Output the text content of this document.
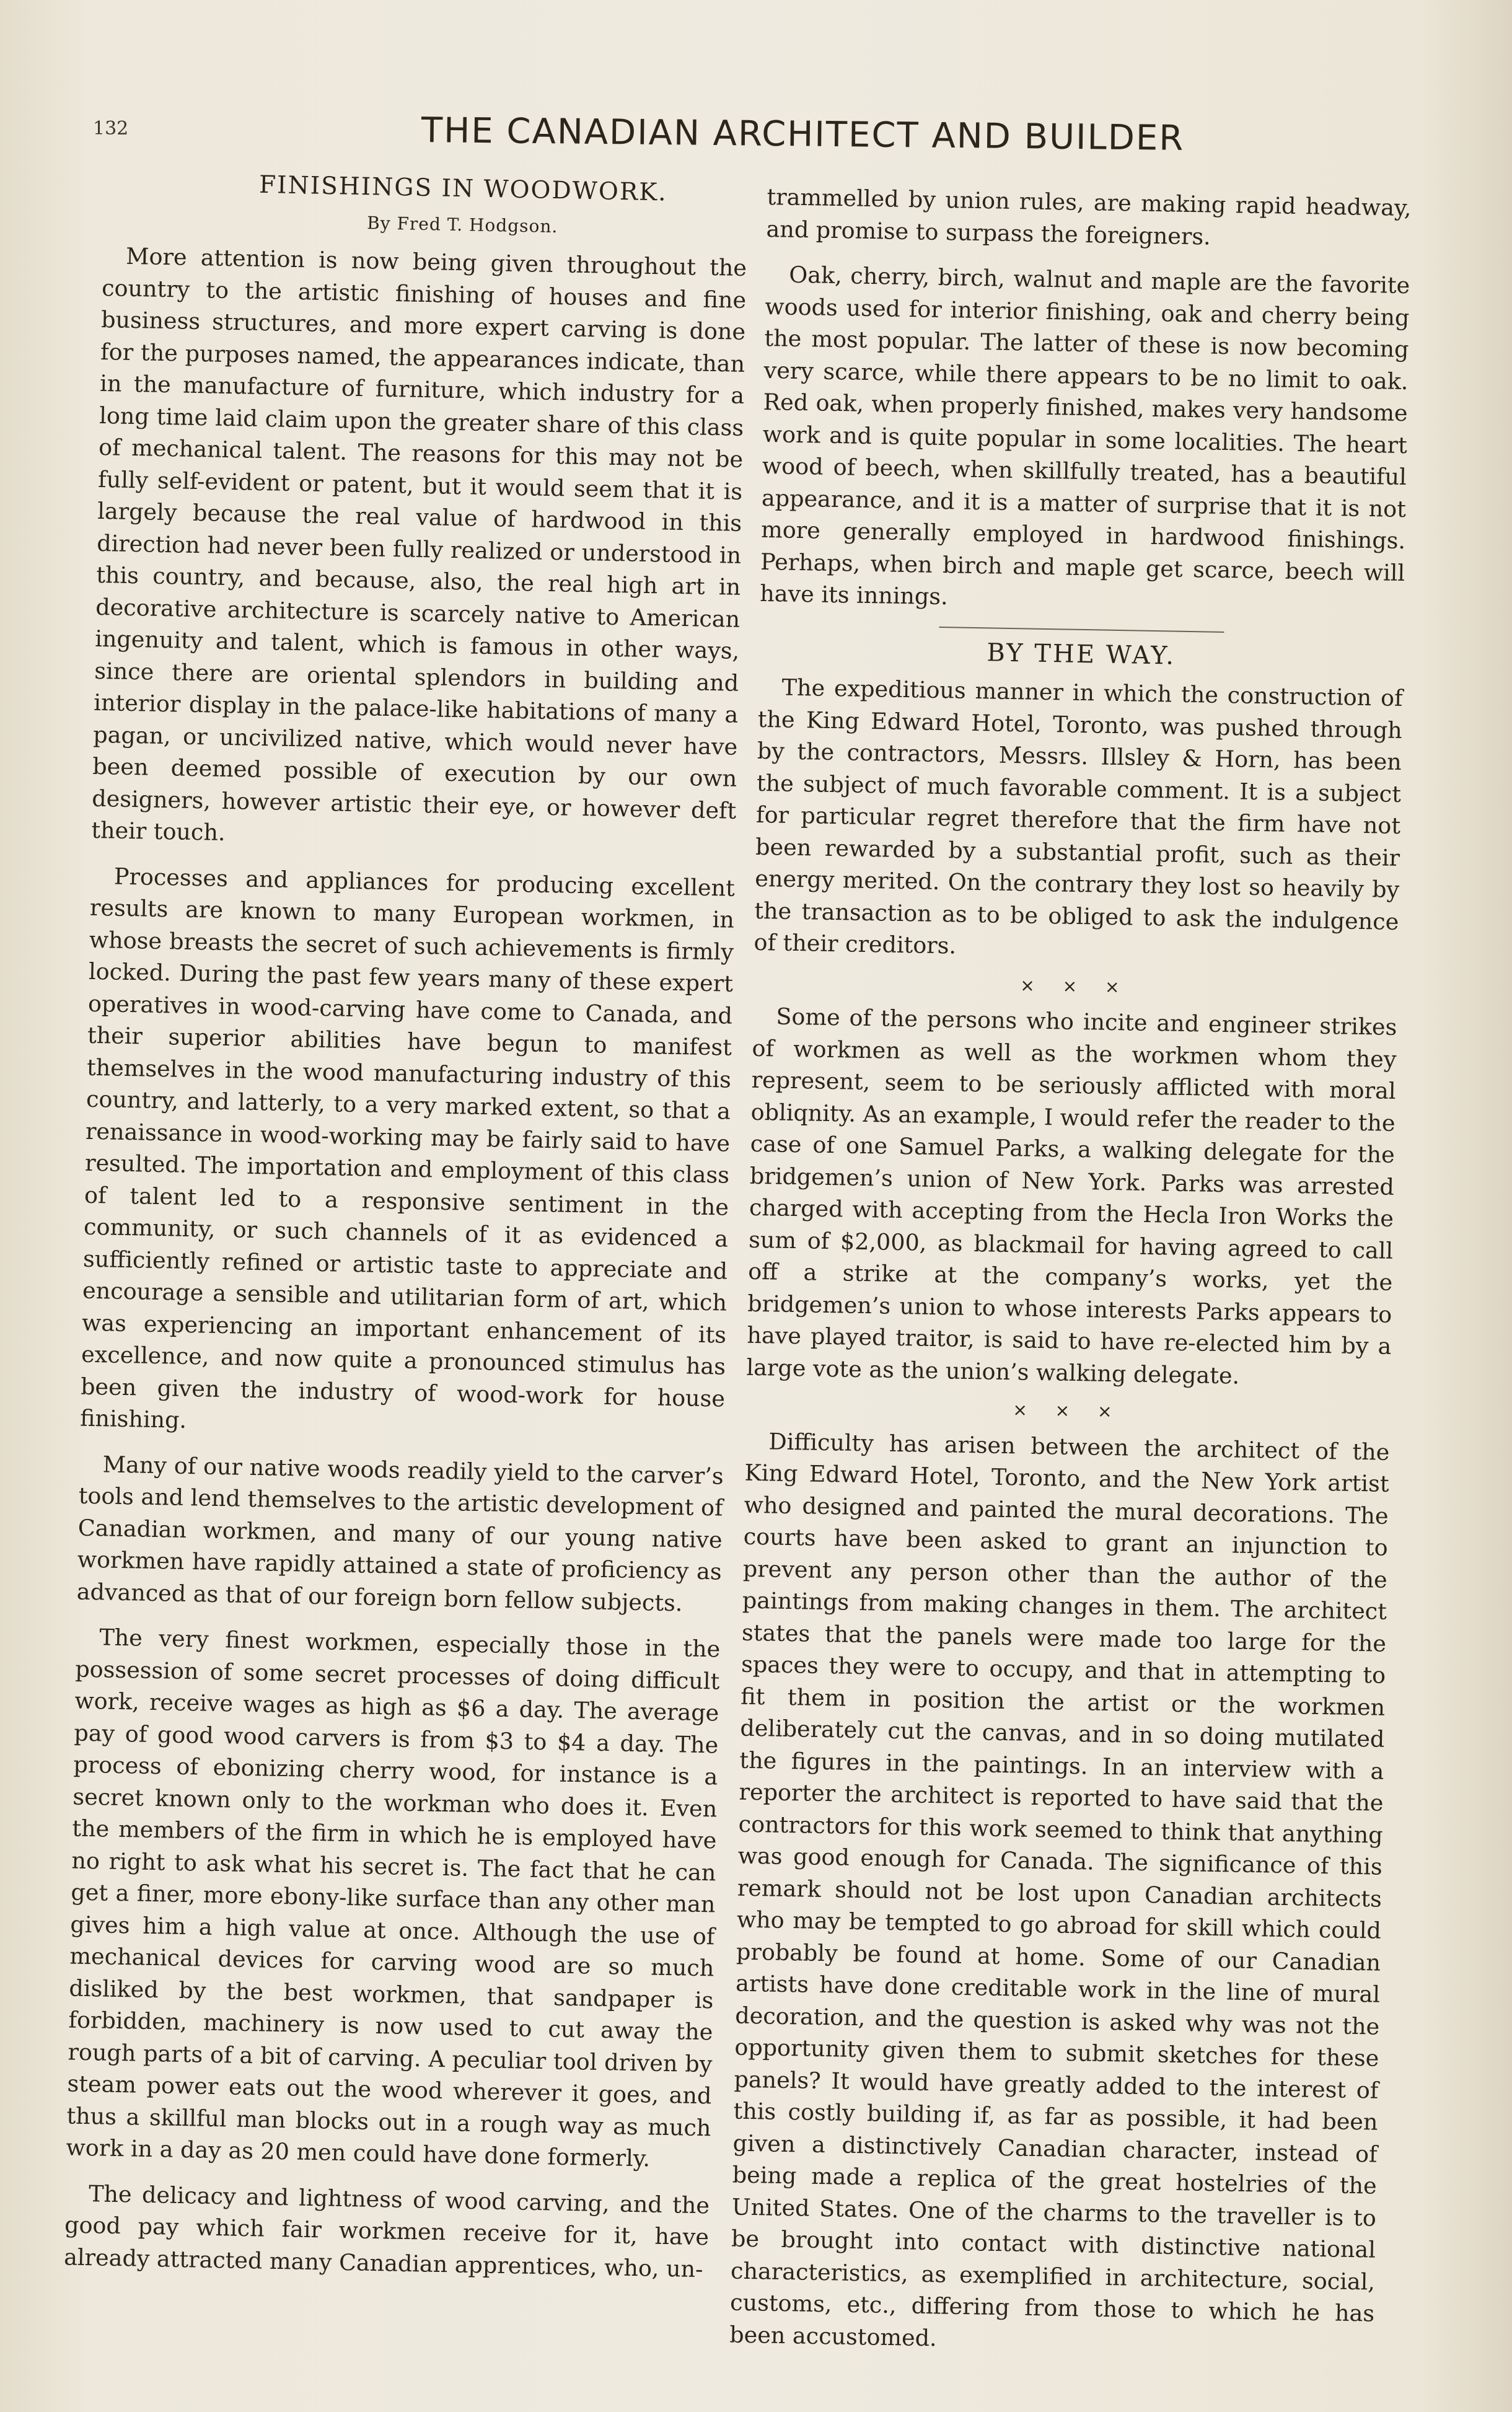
132	THE CANADIAN ARCHITECT AND BUILDER
FINISHINGS IN WOODWORK.
By Fred T. Hodgson.

More attention is now being given throughout the country to the artistic finishing of houses and fine business structures, and more expert carving is done for the purposes named, the appearances indicate, than in the manufacture of furniture, which industry for a long time laid claim upon the greater share of this class of mechanical talent. The reasons for this may not be fully self-evident or patent, but it would seem that it is largely because the real value of hardwood in this direction had never been fully realized or understood in this country, and because, also, the real high art in decorative architecture is scarcely native to American ingenuity and talent, which is famous in other ways, since there are oriental splendors in building and interior display in the palace-like habitations of many a pagan, or uncivilized native, which would never have been deemed possible of execution by our own designers, however artistic their eye, or however deft their touch.

Processes and appliances for producing excellent results are known to many European workmen, in whose breasts the secret of such achievements is firmly locked. During the past few years many of these expert operatives in wood-carving have come to Canada, and their superior abilities have begun to manifest themselves in the wood manufacturing industry of this country, and latterly, to a very marked extent, so that a renaissance in wood-working may be fairly said to have resulted. The importation and employment of this class of talent led to a responsive sentiment in the community, or such channels of it as evidenced a sufficiently refined or artistic taste to appreciate and encourage a sensible and utilitarian form of art, which was experiencing an important enhancement of its excellence, and now quite a pronounced stimulus has been given the industry of wood-work for house finishing.

Many of our native woods readily yield to the carver’s tools and lend themselves to the artistic development of Canadian workmen, and many of our young native workmen have rapidly attained a state of proficiency as advanced as that of our foreign born fellow subjects.

The very finest workmen, especially those in the possession of some secret processes of doing difficult work, receive wages as high as $6 a day. The average pay of good wood carvers is from $3 to $4 a day. The process of ebonizing cherry wood, for instance is a secret known only to the workman who does it. Even the members of the firm in which he is employed have no right to ask what his secret is. The fact that he can get a finer, more ebony-like surface than any other man gives him a high value at once. Although the use of mechanical devices for carving wood are so much disliked by the best workmen, that sandpaper is forbidden, machinery is now used to cut away the rough parts of a bit of carving. A peculiar tool driven by steam power eats out the wood wherever it goes, and thus a skillful man blocks out in a rough way as much work in a day as 20 men could have done formerly.

The delicacy and lightness of wood carving, and the good pay which fair workmen receive for it, have already attracted many Canadian apprentices, who, un-

trammelled by union rules, are making rapid headway, and promise to surpass the foreigners.

Oak, cherry, birch, walnut and maple are the favorite woods used for interior finishing, oak and cherry being the most popular. The latter of these is now becoming very scarce, while there appears to be no limit to oak. Red oak, when properly finished, makes very handsome work and is quite popular in some localities. The heart wood of beech, when skillfully treated, has a beautiful appearance, and it is a matter of surprise that it is not more generally employed in hardwood finishings. Perhaps, when birch and maple get scarce, beech will have its innings.

BY THE WAY.

The expeditious manner in which the construction of the King Edward Hotel, Toronto, was pushed through by the contractors, Messrs. Illsley & Horn, has been the subject of much favorable comment. It is a subject for particular regret therefore that the firm have not been rewarded by a substantial profit, such as their energy merited. On the contrary they lost so heavily by the transaction as to be obliged to ask the indulgence of their creditors.

× × ×

Some of the persons who incite and engineer strikes of workmen as well as the workmen whom they represent, seem to be seriously afflicted with moral obliqnity. As an example, I would refer the reader to the case of one Samuel Parks, a walking delegate for the bridgemen’s union of New York. Parks was arrested charged with accepting from the Hecla Iron Works the sum of $2,000, as blackmail for having agreed to call off a strike at the company’s works, yet the bridgemen’s union to whose interests Parks appears to have played traitor, is said to have re-elected him by a large vote as the union’s walking delegate.

× × ×

Difficulty has arisen between the architect of the King Edward Hotel, Toronto, and the New York artist who designed and painted the mural decorations. The courts have been asked to grant an injunction to prevent any person other than the author of the paintings from making changes in them. The architect states that the panels were made too large for the spaces they were to occupy, and that in attempting to fit them in position the artist or the workmen deliberately cut the canvas, and in so doing mutilated the figures in the paintings. In an interview with a reporter the architect is reported to have said that the contractors for this work seemed to think that anything was good enough for Canada. The significance of this remark should not be lost upon Canadian architects who may be tempted to go abroad for skill which could probably be found at home. Some of our Canadian artists have done creditable work in the line of mural decoration, and the question is asked why was not the opportunity given them to submit sketches for these panels? It would have greatly added to the interest of this costly building if, as far as possible, it had been given a distinctively Canadian character, instead of being made a replica of the great hostelries of the United States. One of the charms to the traveller is to be brought into contact with distinctive national characteristics, as exemplified in architecture, social, customs, etc., differing from those to which he has been accustomed.
